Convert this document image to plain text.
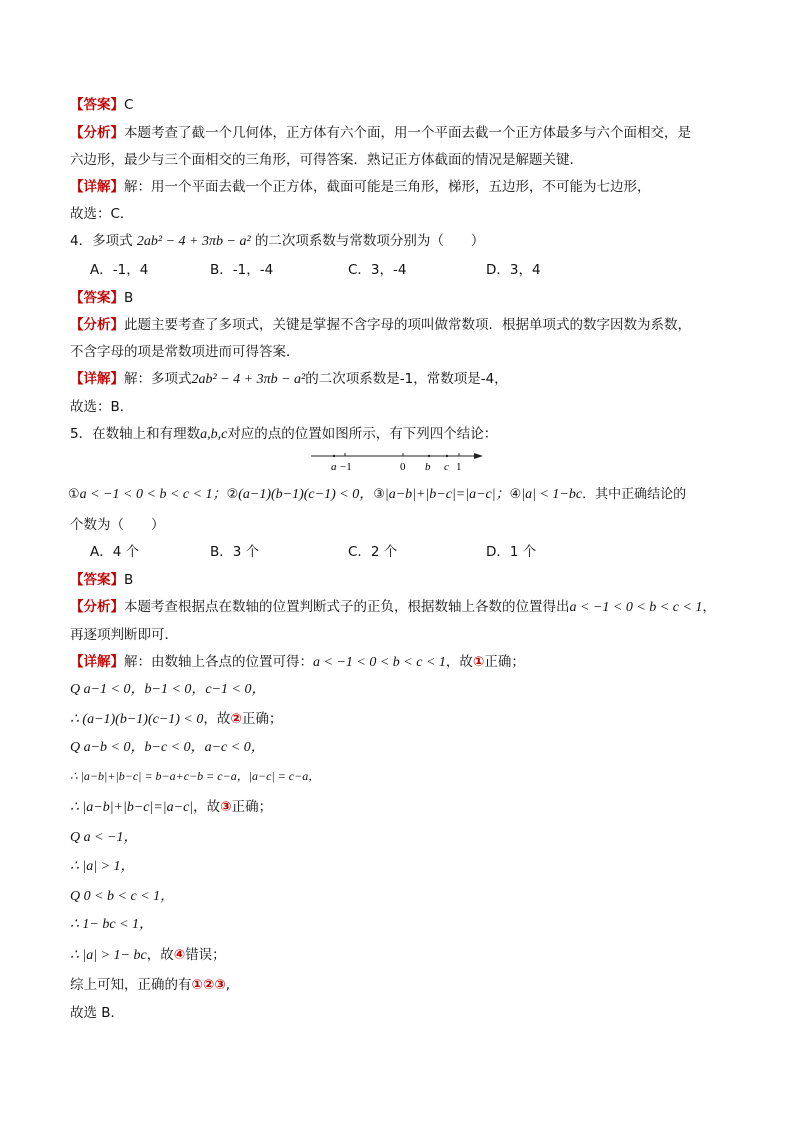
【答案】C
【分析】本题考查了截一个几何体，正方体有六个面，用一个平面去截一个正方体最多与六个面相交，是
六边形，最少与三个面相交的三角形，可得答案．熟记正方体截面的情况是解题关键．
【详解】解：用一个平面去截一个正方体，截面可能是三角形，梯形，五边形，不可能为七边形，
故选：C．
4．多项式 2ab² − 4 + 3πb − a² 的二次项系数与常数项分别为（　　）
A．-1，4	B．-1，-4	C．3，-4	D．3，4
【答案】B
【分析】此题主要考查了多项式，关键是掌握不含字母的项叫做常数项．根据单项式的数字因数为系数，
不含字母的项是常数项进而可得答案．
【详解】解：多项式2ab² − 4 + 3πb − a²的二次项系数是-1，常数项是-4，
故选：B．
5．在数轴上和有理数a,b,c对应的点的位置如图所示，有下列四个结论：
a −1	0 b c 1
①a < −1 < 0 < b < c < 1；②(a−1)(b−1)(c−1) < 0，③|a−b|+|b−c|=|a−c|；④|a| < 1−bc．其中正确结论的
个数为（　　）
A．4 个	B．3 个	C．2 个	D．1 个
【答案】B
【分析】本题考查根据点在数轴的位置判断式子的正负，根据数轴上各数的位置得出a < −1 < 0 < b < c < 1，
再逐项判断即可．
【详解】解：由数轴上各点的位置可得：a < −1 < 0 < b < c < 1，故①正确；
Q a−1 < 0，b−1 < 0，c−1 < 0，
∴ (a−1)(b−1)(c−1) < 0，故②正确；
Q a−b < 0，b−c < 0，a−c < 0，
∴ |a−b|+|b−c| = b−a+c−b = c−a，|a−c| = c−a，
∴ |a−b|+|b−c|=|a−c|，故③正确；
Q a < −1，
∴ |a| > 1，
Q 0 < b < c < 1，
∴ 1− bc < 1，
∴ |a| > 1− bc，故④错误；
综上可知，正确的有①②③,
故选 B．
